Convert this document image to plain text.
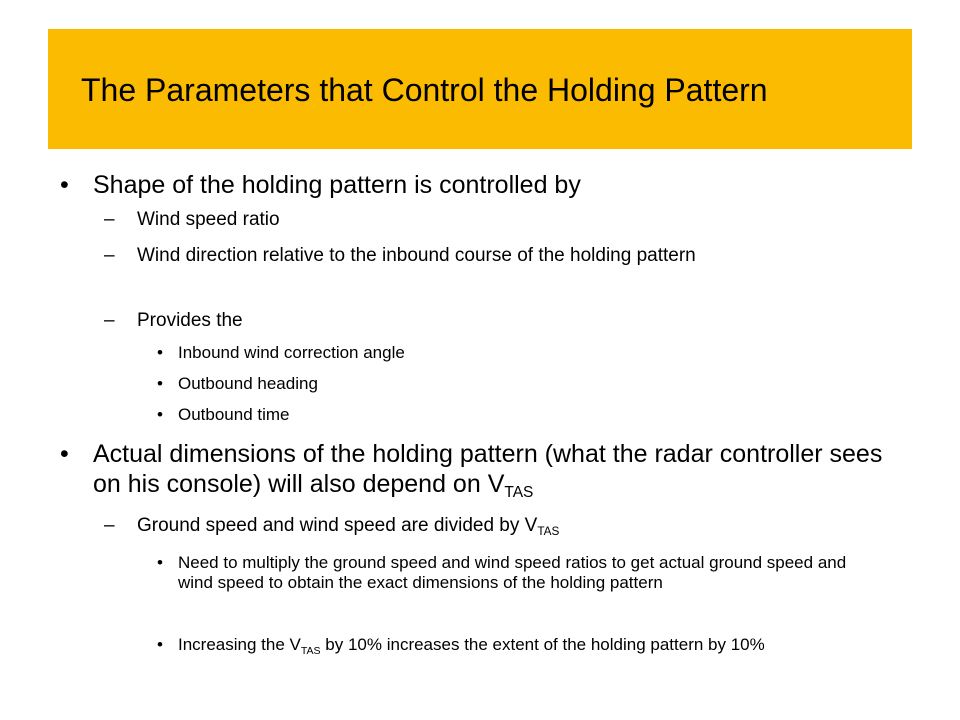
The Parameters that Control the Holding Pattern
• Shape of the holding pattern is controlled by
– Wind speed ratio
– Wind direction relative to the inbound course of the holding pattern
– Provides the
• Inbound wind correction angle
• Outbound heading
• Outbound time
• Actual dimensions of the holding pattern (what the radar controller sees on his console) will also depend on $V_{TAS}$
– Ground speed and wind speed are divided by $V_{TAS}$
• Need to multiply the ground speed and wind speed ratios to get actual ground speed and wind speed to obtain the exact dimensions of the holding pattern
• Increasing the $V_{TAS}$ by 10% increases the extent of the holding pattern by 10%
